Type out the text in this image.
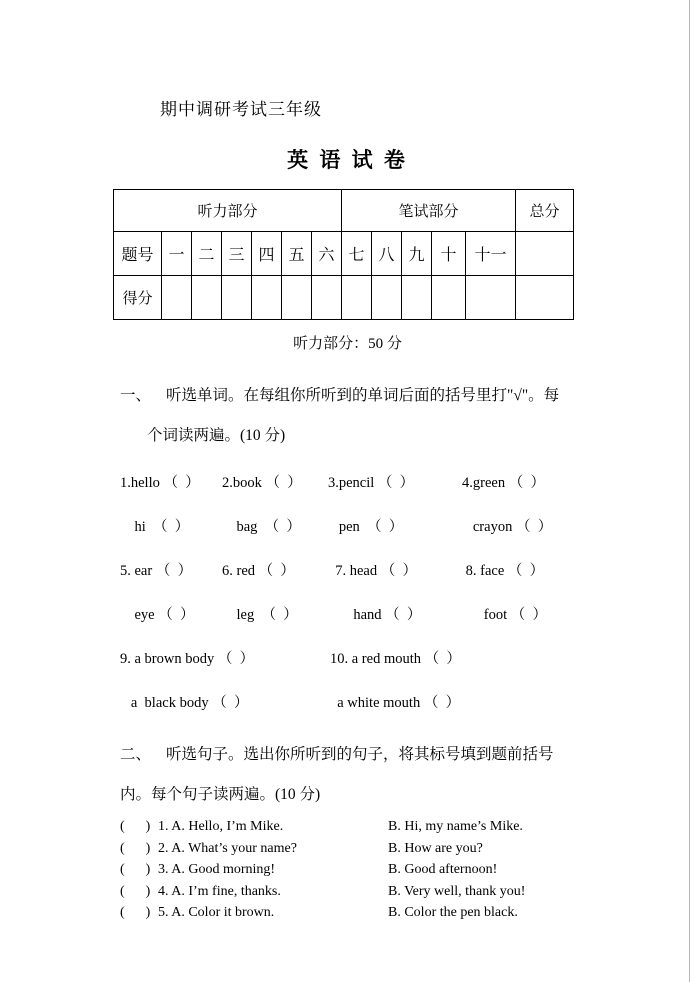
期中调研考试三年级
英 语 试 卷
听力部分							笔试部分					总分
题号	一	二	三	四	五	六	七	八	九	十	十一	
得分												
听力部分：50 分
一、 听选单词。在每组你所听到的单词后面的括号里打"√"。每
个词读两遍。(10 分)
1.hello （  ）	2.book （  ）	3.pencil （  ）	4.green （  ）
hi  （  ）	bag  （  ）	pen  （  ）	crayon （  ）
5. ear （  ）	6. red （  ）	7. head （  ）	8. face （  ）
eye （  ）	leg  （  ）	hand （  ）	foot （  ）
9. a brown body （  ）	10. a red mouth （  ）
a  black body （  ）	a white mouth （  ）
二、 听选句子。选出你所听到的句子，将其标号填到题前括号
内。每个句子读两遍。(10 分)
(      ) 1. A. Hello, I’m Mike.	B. Hi, my name’s Mike.
(      ) 2. A. What’s your name?	B. How are you?
(      ) 3. A. Good morning!	B. Good afternoon!
(      ) 4. A. I’m fine, thanks.	B. Very well, thank you!
(      ) 5. A. Color it brown.	B. Color the pen black.
